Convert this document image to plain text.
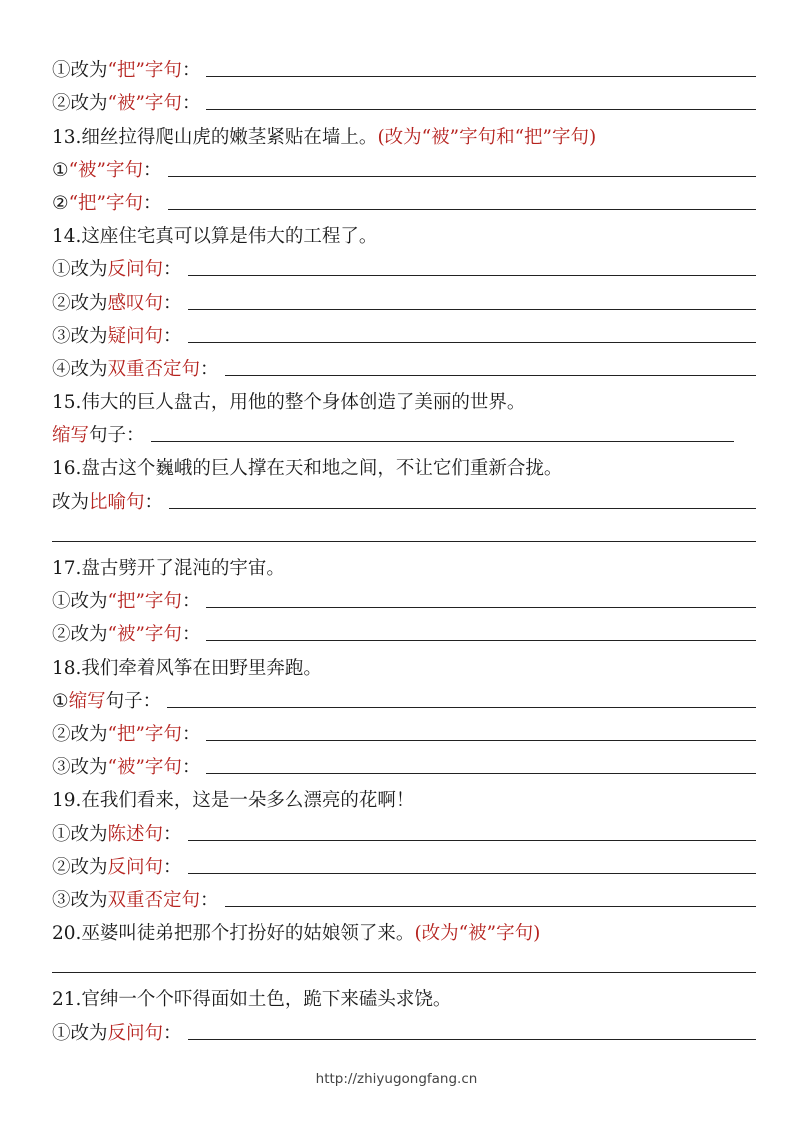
①改为 “把”字句 ：
②改为 “被”字句 ：
13.细丝拉得爬山虎的嫩茎紧贴在墙上。 (改为“被”字句和“把”字句)
① “被”字句 ：
② “把”字句 ：
14.这座住宅真可以算是伟大的工程了。
①改为 反问句 ：
②改为 感叹句 ：
③改为 疑问句 ：
④改为 双重否定句 ：
15.伟大的巨人盘古，用他的整个身体创造了美丽的世界。
缩写 句子：
16.盘古这个巍峨的巨人撑在天和地之间，不让它们重新合拢。
改为 比喻句 ：
17.盘古劈开了混沌的宇宙。
①改为 “把”字句 ：
②改为 “被”字句 ：
18.我们牵着风筝在田野里奔跑。
① 缩写 句子：
②改为 “把”字句 ：
③改为 “被”字句 ：
19.在我们看来，这是一朵多么漂亮的花啊！
①改为 陈述句 ：
②改为 反问句 ：
③改为 双重否定句 ：
20.巫婆叫徒弟把那个打扮好的姑娘领了来。 (改为“被”字句)
21.官绅一个个吓得面如土色，跪下来磕头求饶。
①改为 反问句 ：
http://zhiyugongfang.cn
